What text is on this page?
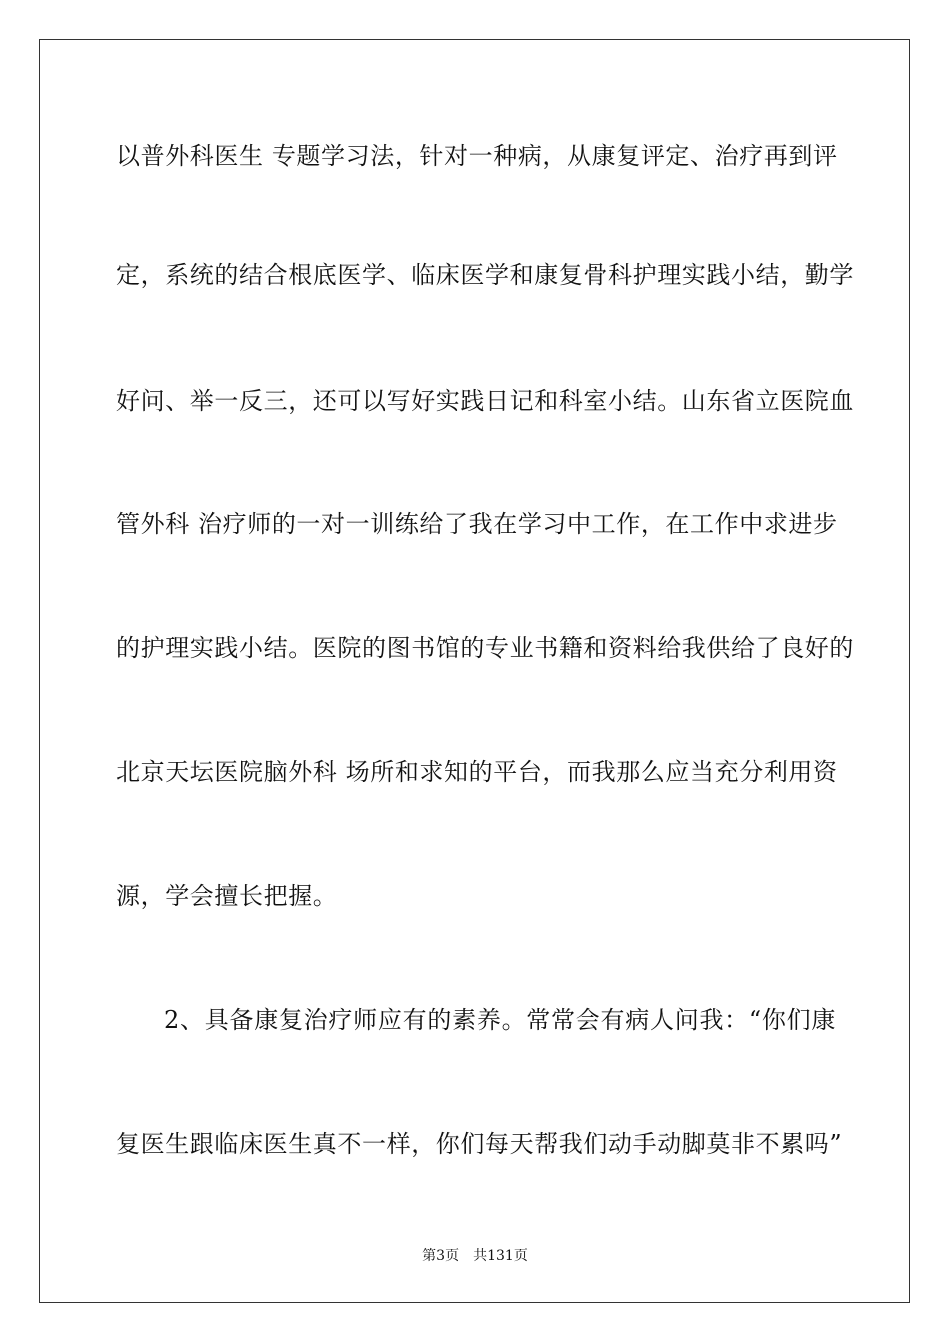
以普外科医生 专题学习法，针对一种病，从康复评定、治疗再到评
定，系统的结合根底医学、临床医学和康复骨科护理实践小结，勤学
好问、举一反三，还可以写好实践日记和科室小结。山东省立医院血
管外科 治疗师的一对一训练给了我在学习中工作，在工作中求进步
的护理实践小结。医院的图书馆的专业书籍和资料给我供给了良好的
北京天坛医院脑外科 场所和求知的平台，而我那么应当充分利用资
源，学会擅长把握。
2、具备康复治疗师应有的素养。常常会有病人问我：“你们康
复医生跟临床医生真不一样，你们每天帮我们动手动脚莫非不累吗”
第3页 共131页
